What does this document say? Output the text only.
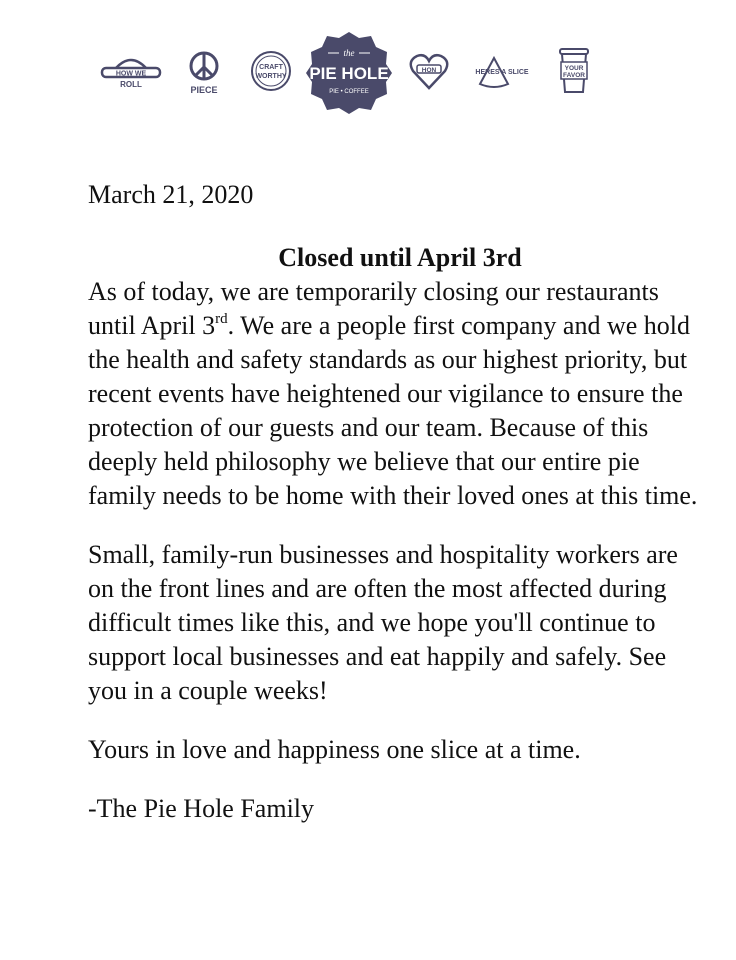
HOW WE
ROLL
PIECE
CRAFT
WORTHY
the
PIE HOLE
PIE • COFFEE
HON	HERES A SLICE
YOUR
FAVOR

March 21, 2020

Closed until April 3rd

As of today, we are temporarily closing our restaurants until April 3rd. We are a people first company and we hold the health and safety standards as our highest priority, but recent events have heightened our vigilance to ensure the protection of our guests and our team. Because of this deeply held philosophy we believe that our entire pie family needs to be home with their loved ones at this time.

Small, family-run businesses and hospitality workers are on the front lines and are often the most affected during difficult times like this, and we hope you'll continue to support local businesses and eat happily and safely. See you in a couple weeks!

Yours in love and happiness one slice at a time.

-The Pie Hole Family
